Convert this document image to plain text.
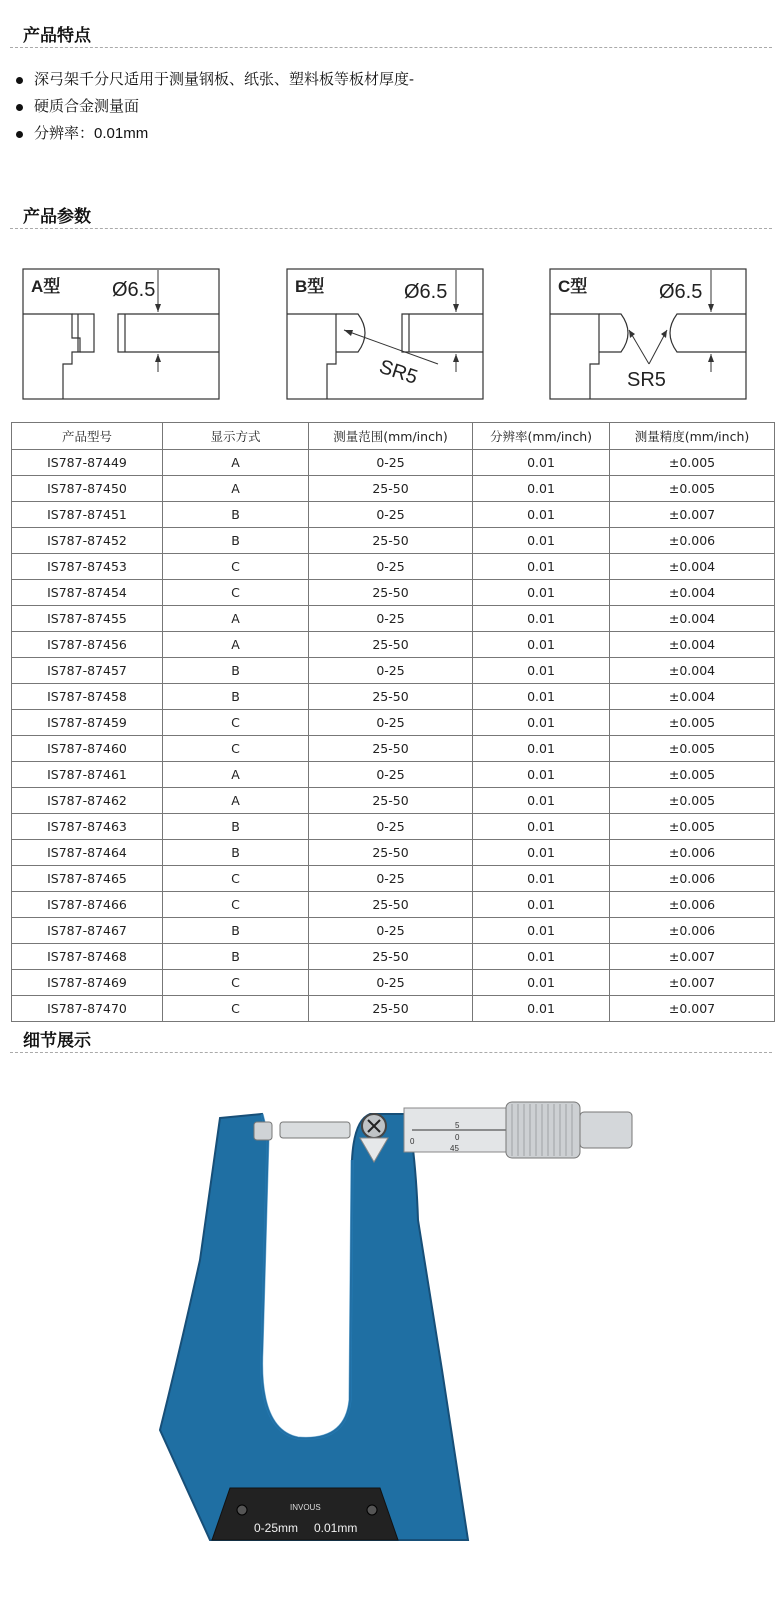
产品特点
深弓架千分尺适用于测量钢板、纸张、塑料板等板材厚度-
硬质合金测量面
分辨率：0.01mm
产品参数
A型	Ø6.5	B型	Ø6.5
SR5
C型	Ø6.5
SR5
产品型号	显示方式	测量范围(mm/inch)	分辨率(mm/inch)	测量精度(mm/inch)
IS787-87449	A	0-25	0.01	±0.005
IS787-87450	A	25-50	0.01	±0.005
IS787-87451	B	0-25	0.01	±0.007
IS787-87452	B	25-50	0.01	±0.006
IS787-87453	C	0-25	0.01	±0.004
IS787-87454	C	25-50	0.01	±0.004
IS787-87455	A	0-25	0.01	±0.004
IS787-87456	A	25-50	0.01	±0.004
IS787-87457	B	0-25	0.01	±0.004
IS787-87458	B	25-50	0.01	±0.004
IS787-87459	C	0-25	0.01	±0.005
IS787-87460	C	25-50	0.01	±0.005
IS787-87461	A	0-25	0.01	±0.005
IS787-87462	A	25-50	0.01	±0.005
IS787-87463	B	0-25	0.01	±0.005
IS787-87464	B	25-50	0.01	±0.006
IS787-87465	C	0-25	0.01	±0.006
IS787-87466	C	25-50	0.01	±0.006
IS787-87467	B	0-25	0.01	±0.006
IS787-87468	B	25-50	0.01	±0.007
IS787-87469	C	0-25	0.01	±0.007
IS787-87470	C	25-50	0.01	±0.007
细节展示
5
0
45
0
INVOUS
0-25mm 0.01mm
